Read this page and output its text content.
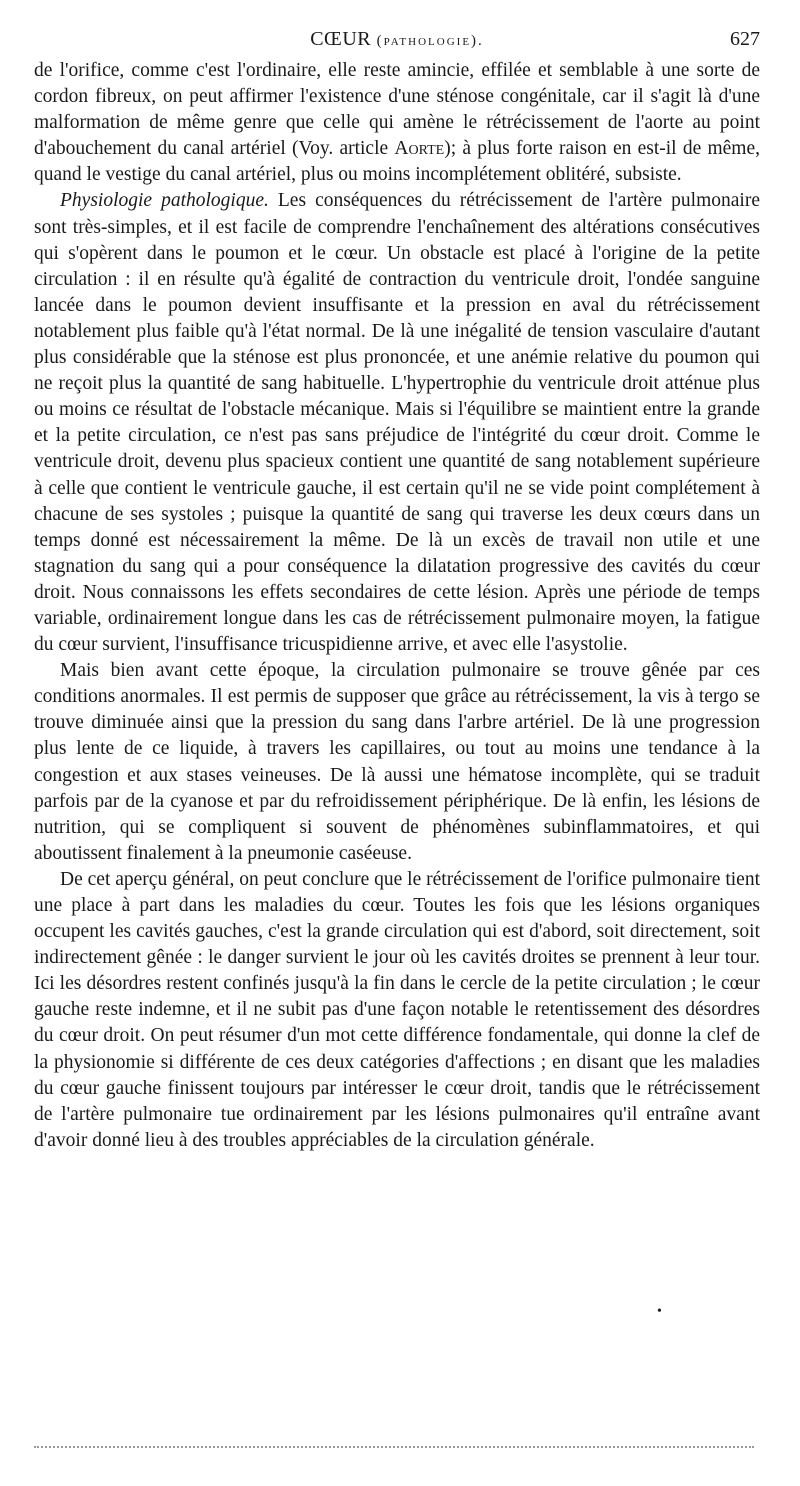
CŒUR (pathologie).	627

de l'orifice, comme c'est l'ordinaire, elle reste amincie, effilée et semblable à une sorte de cordon fibreux, on peut affirmer l'existence d'une sténose congénitale, car il s'agit là d'une malformation de même genre que celle qui amène le rétrécissement de l'aorte au point d'abouchement du canal artériel (Voy. article Aorte); à plus forte raison en est-il de même, quand le vestige du canal artériel, plus ou moins incomplétement oblitéré, subsiste.

Physiologie pathologique. Les conséquences du rétrécissement de l'artère pulmonaire sont très-simples, et il est facile de comprendre l'enchaînement des altérations consécutives qui s'opèrent dans le poumon et le cœur. Un obstacle est placé à l'origine de la petite circulation : il en résulte qu'à égalité de contraction du ventricule droit, l'ondée sanguine lancée dans le poumon devient insuffisante et la pression en aval du rétrécissement notablement plus faible qu'à l'état normal. De là une inégalité de tension vasculaire d'autant plus considérable que la sténose est plus prononcée, et une anémie relative du poumon qui ne reçoit plus la quantité de sang habituelle. L'hypertrophie du ventricule droit atténue plus ou moins ce résultat de l'obstacle mécanique. Mais si l'équilibre se maintient entre la grande et la petite circulation, ce n'est pas sans préjudice de l'intégrité du cœur droit. Comme le ventricule droit, devenu plus spacieux contient une quantité de sang notablement supérieure à celle que contient le ventricule gauche, il est certain qu'il ne se vide point complétement à chacune de ses systoles ; puisque la quantité de sang qui traverse les deux cœurs dans un temps donné est nécessairement la même. De là un excès de travail non utile et une stagnation du sang qui a pour conséquence la dilatation progressive des cavités du cœur droit. Nous connaissons les effets secondaires de cette lésion. Après une période de temps variable, ordinairement longue dans les cas de rétrécissement pulmonaire moyen, la fatigue du cœur survient, l'insuffisance tricuspidienne arrive, et avec elle l'asystolie.

Mais bien avant cette époque, la circulation pulmonaire se trouve gênée par ces conditions anormales. Il est permis de supposer que grâce au rétrécissement, la vis à tergo se trouve diminuée ainsi que la pression du sang dans l'arbre artériel. De là une progression plus lente de ce liquide, à travers les capillaires, ou tout au moins une tendance à la congestion et aux stases veineuses. De là aussi une hématose incomplète, qui se traduit parfois par de la cyanose et par du refroidissement périphérique. De là enfin, les lésions de nutrition, qui se compliquent si souvent de phénomènes subinflammatoires, et qui aboutissent finalement à la pneumonie caséeuse.

De cet aperçu général, on peut conclure que le rétrécissement de l'orifice pulmonaire tient une place à part dans les maladies du cœur. Toutes les fois que les lésions organiques occupent les cavités gauches, c'est la grande circulation qui est d'abord, soit directement, soit indirectement gênée : le danger survient le jour où les cavités droites se prennent à leur tour. Ici les désordres restent confinés jusqu'à la fin dans le cercle de la petite circulation ; le cœur gauche reste indemne, et il ne subit pas d'une façon notable le retentissement des désordres du cœur droit. On peut résumer d'un mot cette différence fondamentale, qui donne la clef de la physionomie si différente de ces deux catégories d'affections ; en disant que les maladies du cœur gauche finissent toujours par intéresser le cœur droit, tandis que le rétrécissement de l'artère pulmonaire tue ordinairement par les lésions pulmonaires qu'il entraîne avant d'avoir donné lieu à des troubles appréciables de la circulation générale.

•
